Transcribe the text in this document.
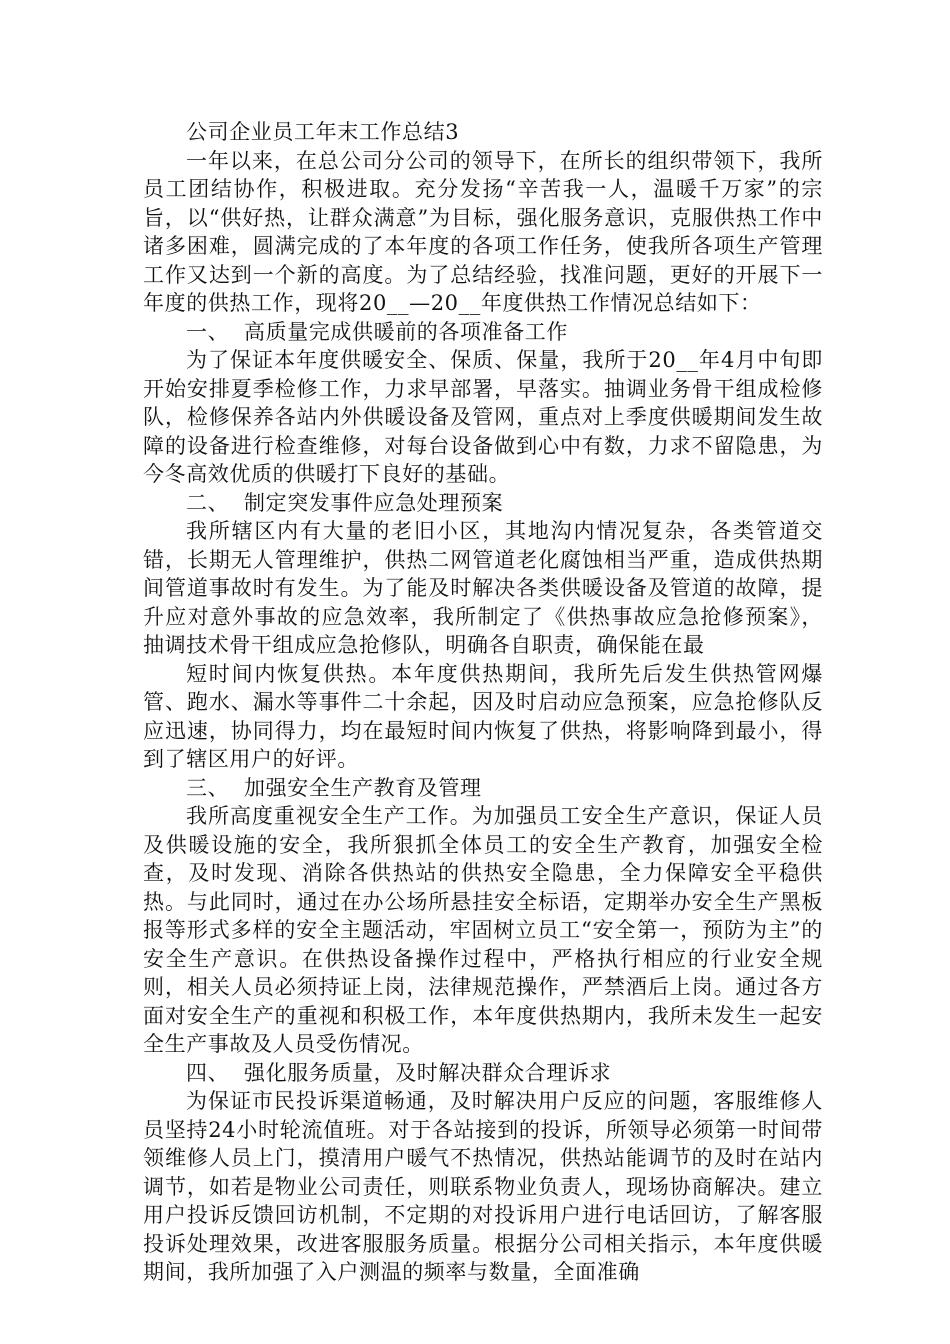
公司企业员工年末工作总结3

一年以来，在总公司分公司的领导下，在所长的组织带领下，我所员工团结协作，积极进取。充分发扬“辛苦我一人，温暖千万家”的宗旨，以“供好热，让群众满意”为目标，强化服务意识，克服供热工作中诸多困难，圆满完成的了本年度的各项工作任务，使我所各项生产管理工作又达到一个新的高度。为了总结经验，找准问题，更好的开展下一年度的供热工作，现将20__—20__年度供热工作情况总结如下：

一、 高质量完成供暖前的各项准备工作

为了保证本年度供暖安全、保质、保量，我所于20__年4月中旬即开始安排夏季检修工作，力求早部署，早落实。抽调业务骨干组成检修队，检修保养各站内外供暖设备及管网，重点对上季度供暖期间发生故障的设备进行检查维修，对每台设备做到心中有数，力求不留隐患，为今冬高效优质的供暖打下良好的基础。

二、 制定突发事件应急处理预案

我所辖区内有大量的老旧小区，其地沟内情况复杂，各类管道交错，长期无人管理维护，供热二网管道老化腐蚀相当严重，造成供热期间管道事故时有发生。为了能及时解决各类供暖设备及管道的故障，提升应对意外事故的应急效率，我所制定了《供热事故应急抢修预案》，抽调技术骨干组成应急抢修队，明确各自职责，确保能在最

短时间内恢复供热。本年度供热期间，我所先后发生供热管网爆管、跑水、漏水等事件二十余起，因及时启动应急预案，应急抢修队反应迅速，协同得力，均在最短时间内恢复了供热，将影响降到最小，得到了辖区用户的好评。

三、 加强安全生产教育及管理

我所高度重视安全生产工作。为加强员工安全生产意识，保证人员及供暖设施的安全，我所狠抓全体员工的安全生产教育，加强安全检查，及时发现、消除各供热站的供热安全隐患，全力保障安全平稳供热。与此同时，通过在办公场所悬挂安全标语，定期举办安全生产黑板报等形式多样的安全主题活动，牢固树立员工“安全第一，预防为主”的安全生产意识。在供热设备操作过程中，严格执行相应的行业安全规则，相关人员必须持证上岗，法律规范操作，严禁酒后上岗。通过各方面对安全生产的重视和积极工作，本年度供热期内，我所未发生一起安全生产事故及人员受伤情况。

四、 强化服务质量，及时解决群众合理诉求

为保证市民投诉渠道畅通，及时解决用户反应的问题，客服维修人员坚持24小时轮流值班。对于各站接到的投诉，所领导必须第一时间带领维修人员上门，摸清用户暖气不热情况，供热站能调节的及时在站内调节，如若是物业公司责任，则联系物业负责人，现场协商解决。建立用户投诉反馈回访机制，不定期的对投诉用户进行电话回访，了解客服投诉处理效果，改进客服服务质量。根据分公司相关指示，本年度供暖期间，我所加强了入户测温的频率与数量，全面准确
